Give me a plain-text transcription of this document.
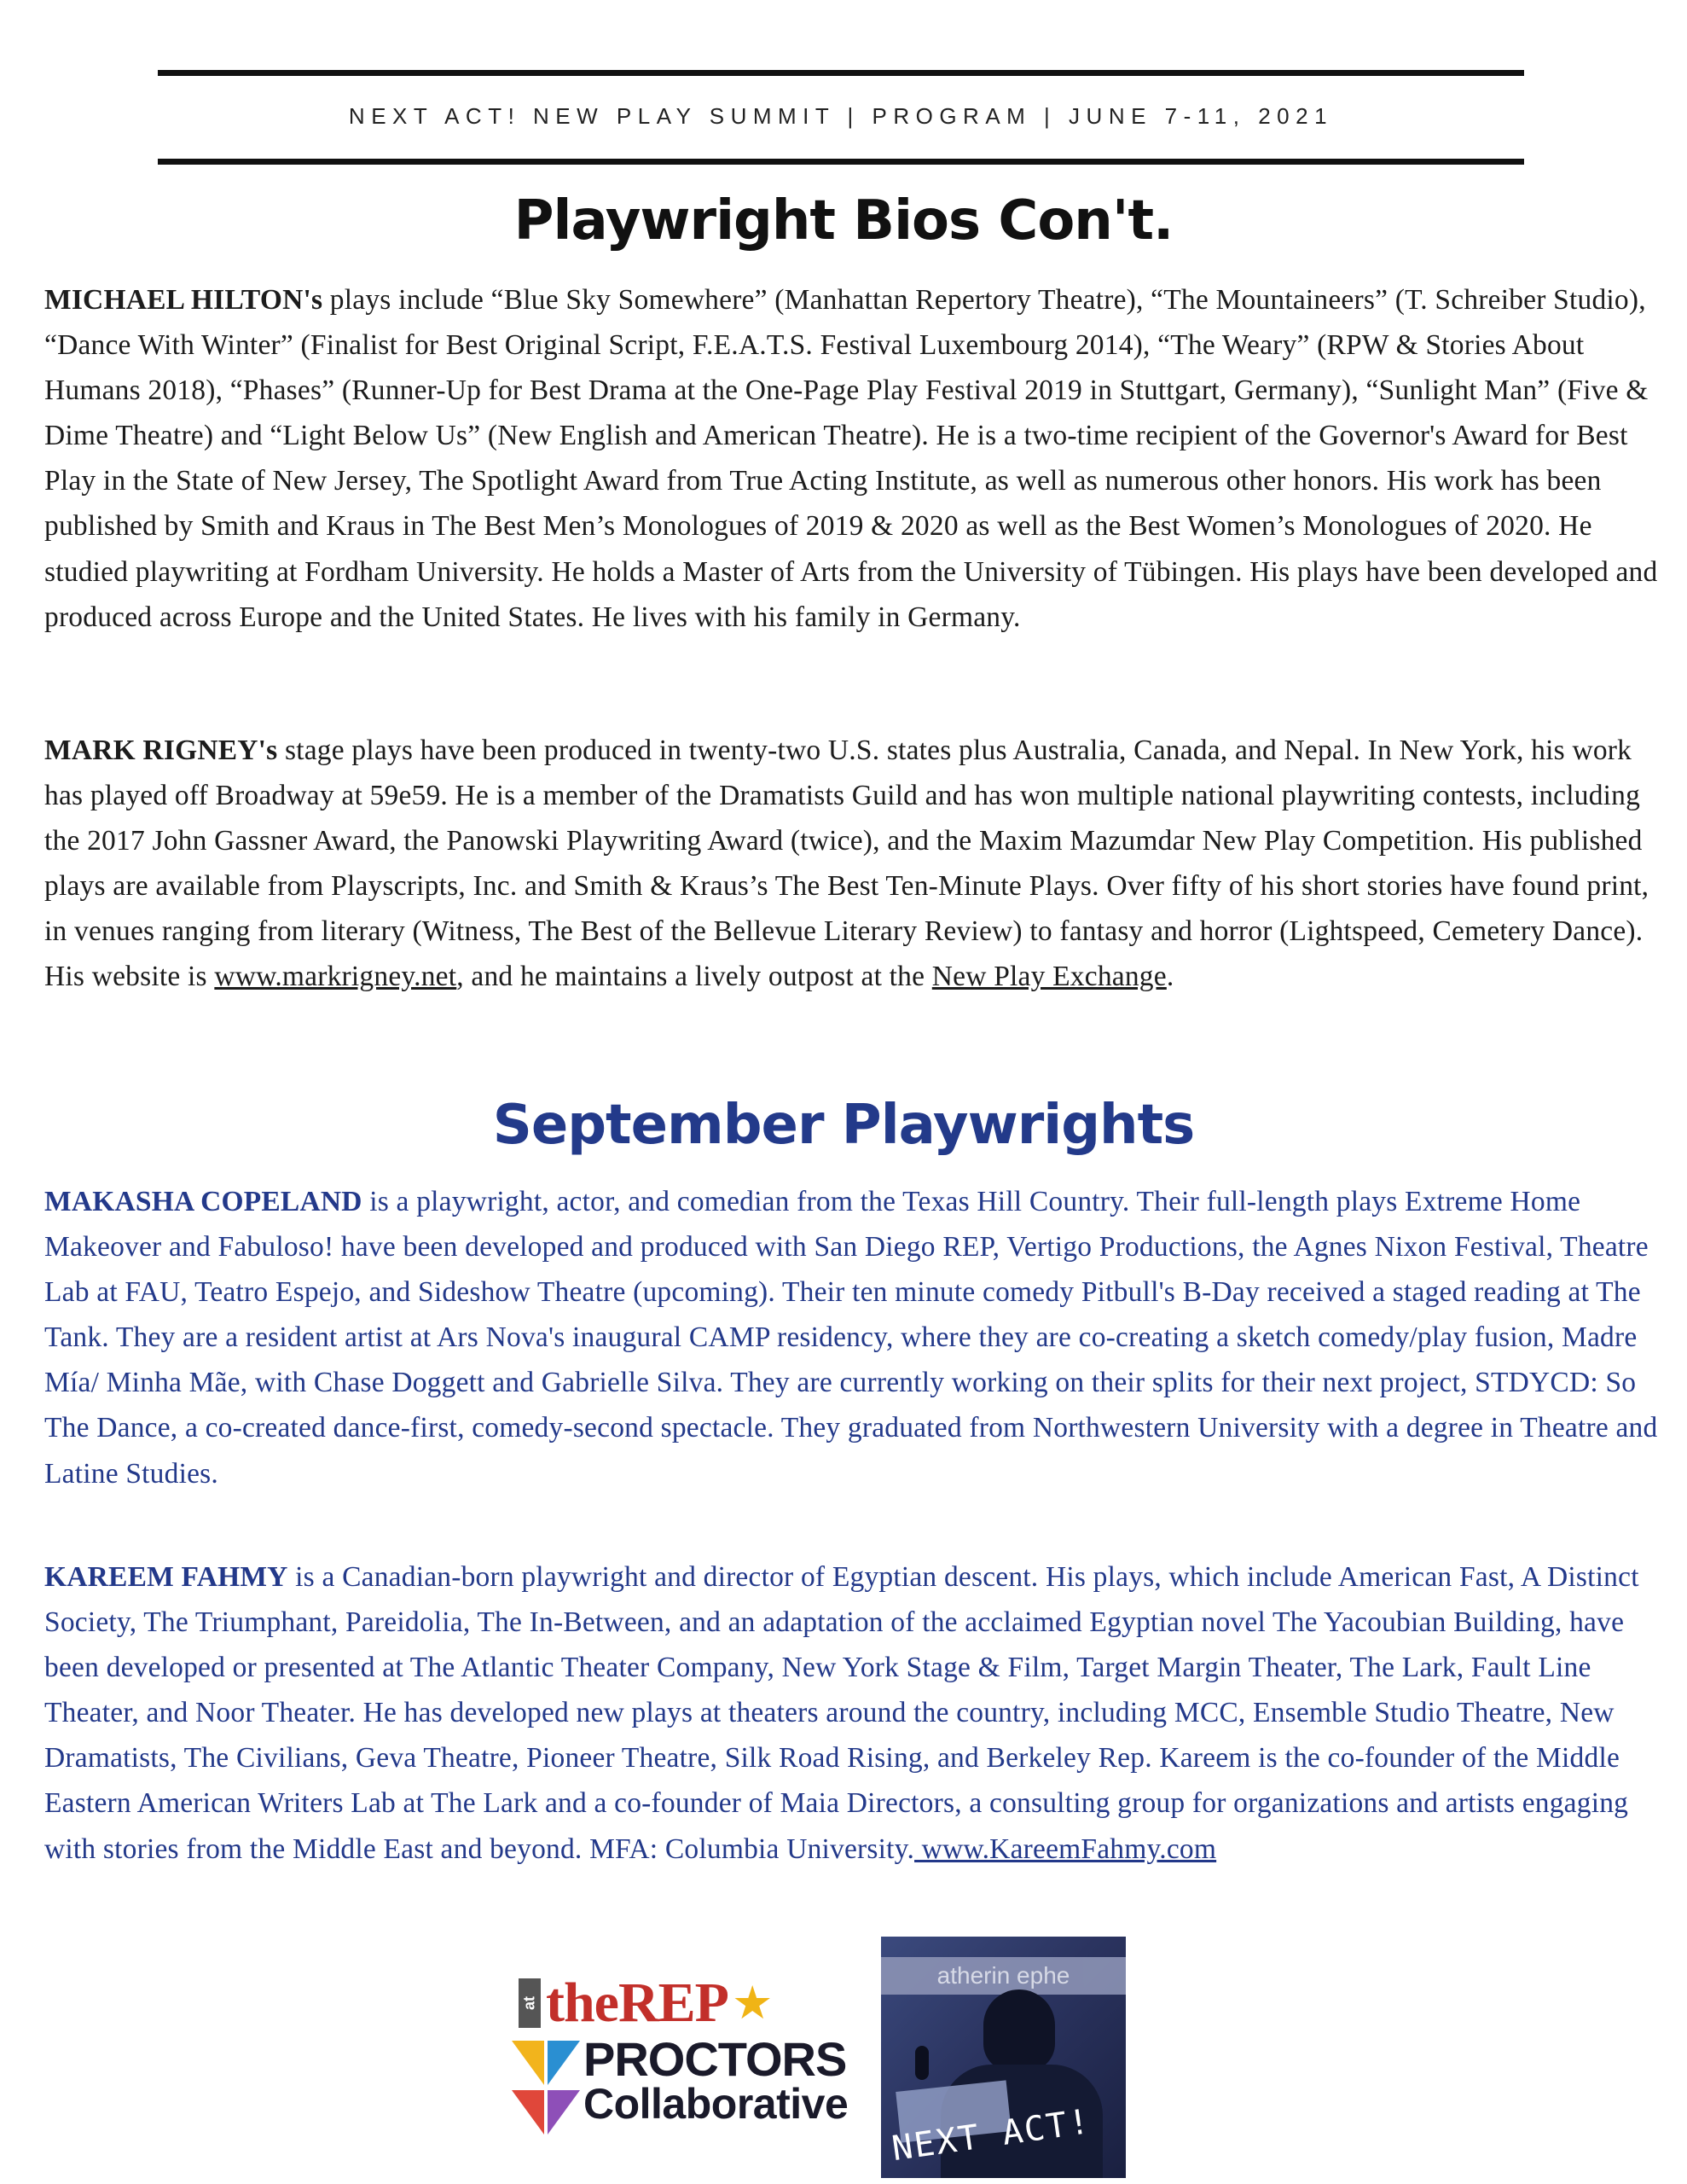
NEXT ACT! NEW PLAY SUMMIT | PROGRAM | JUNE 7-11, 2021
Playwright Bios Con't.

MICHAEL HILTON's plays include “Blue Sky Somewhere” (Manhattan Repertory Theatre), “The Mountaineers” (T. Schreiber Studio), “Dance With Winter” (Finalist for Best Original Script, F.E.A.T.S. Festival Luxembourg 2014), “The Weary” (RPW & Stories About Humans 2018), “Phases” (Runner-Up for Best Drama at the One-Page Play Festival 2019 in Stuttgart, Germany), “Sunlight Man” (Five & Dime Theatre) and “Light Below Us” (New English and American Theatre). He is a two-time recipient of the Governor's Award for Best Play in the State of New Jersey, The Spotlight Award from True Acting Institute, as well as numerous other honors. His work has been published by Smith and Kraus in The Best Men’s Monologues of 2019 & 2020 as well as the Best Women’s Monologues of 2020. He studied playwriting at Fordham University. He holds a Master of Arts from the University of Tübingen. His plays have been developed and produced across Europe and the United States. He lives with his family in Germany.

MARK RIGNEY's stage plays have been produced in twenty-two U.S. states plus Australia, Canada, and Nepal. In New York, his work has played off Broadway at 59e59. He is a member of the Dramatists Guild and has won multiple national playwriting contests, including the 2017 John Gassner Award, the Panowski Playwriting Award (twice), and the Maxim Mazumdar New Play Competition. His published plays are available from Playscripts, Inc. and Smith & Kraus’s The Best Ten-Minute Plays. Over fifty of his short stories have found print, in venues ranging from literary (Witness, The Best of the Bellevue Literary Review) to fantasy and horror (Lightspeed, Cemetery Dance). His website is www.markrigney.net, and he maintains a lively outpost at the New Play Exchange.

September Playwrights

MAKASHA COPELAND is a playwright, actor, and comedian from the Texas Hill Country. Their full-length plays Extreme Home Makeover and Fabuloso! have been developed and produced with San Diego REP, Vertigo Productions, the Agnes Nixon Festival, Theatre Lab at FAU, Teatro Espejo, and Sideshow Theatre (upcoming). Their ten minute comedy Pitbull's B-Day received a staged reading at The Tank. They are a resident artist at Ars Nova's inaugural CAMP residency, where they are co-creating a sketch comedy/play fusion, Madre Mía/ Minha Mãe, with Chase Doggett and Gabrielle Silva. They are currently working on their splits for their next project, STDYCD: So The Dance, a co-created dance-first, comedy-second spectacle. They graduated from Northwestern University with a degree in Theatre and Latine Studies.

KAREEM FAHMY is a Canadian-born playwright and director of Egyptian descent. His plays, which include American Fast, A Distinct Society, The Triumphant, Pareidolia, The In-Between, and an adaptation of the acclaimed Egyptian novel The Yacoubian Building, have been developed or presented at The Atlantic Theater Company, New York Stage & Film, Target Margin Theater, The Lark, Fault Line Theater, and Noor Theater. He has developed new plays at theaters around the country, including MCC, Ensemble Studio Theatre, New Dramatists, The Civilians, Geva Theatre, Pioneer Theatre, Silk Road Rising, and Berkeley Rep. Kareem is the co-founder of the Middle Eastern American Writers Lab at The Lark and a co-founder of Maia Directors, a consulting group for organizations and artists engaging with stories from the Middle East and beyond. MFA: Columbia University. www.KareemFahmy.com

at theREP ★
PROCTORS
Collaborative
atherin ephe
NEXT ACT!
